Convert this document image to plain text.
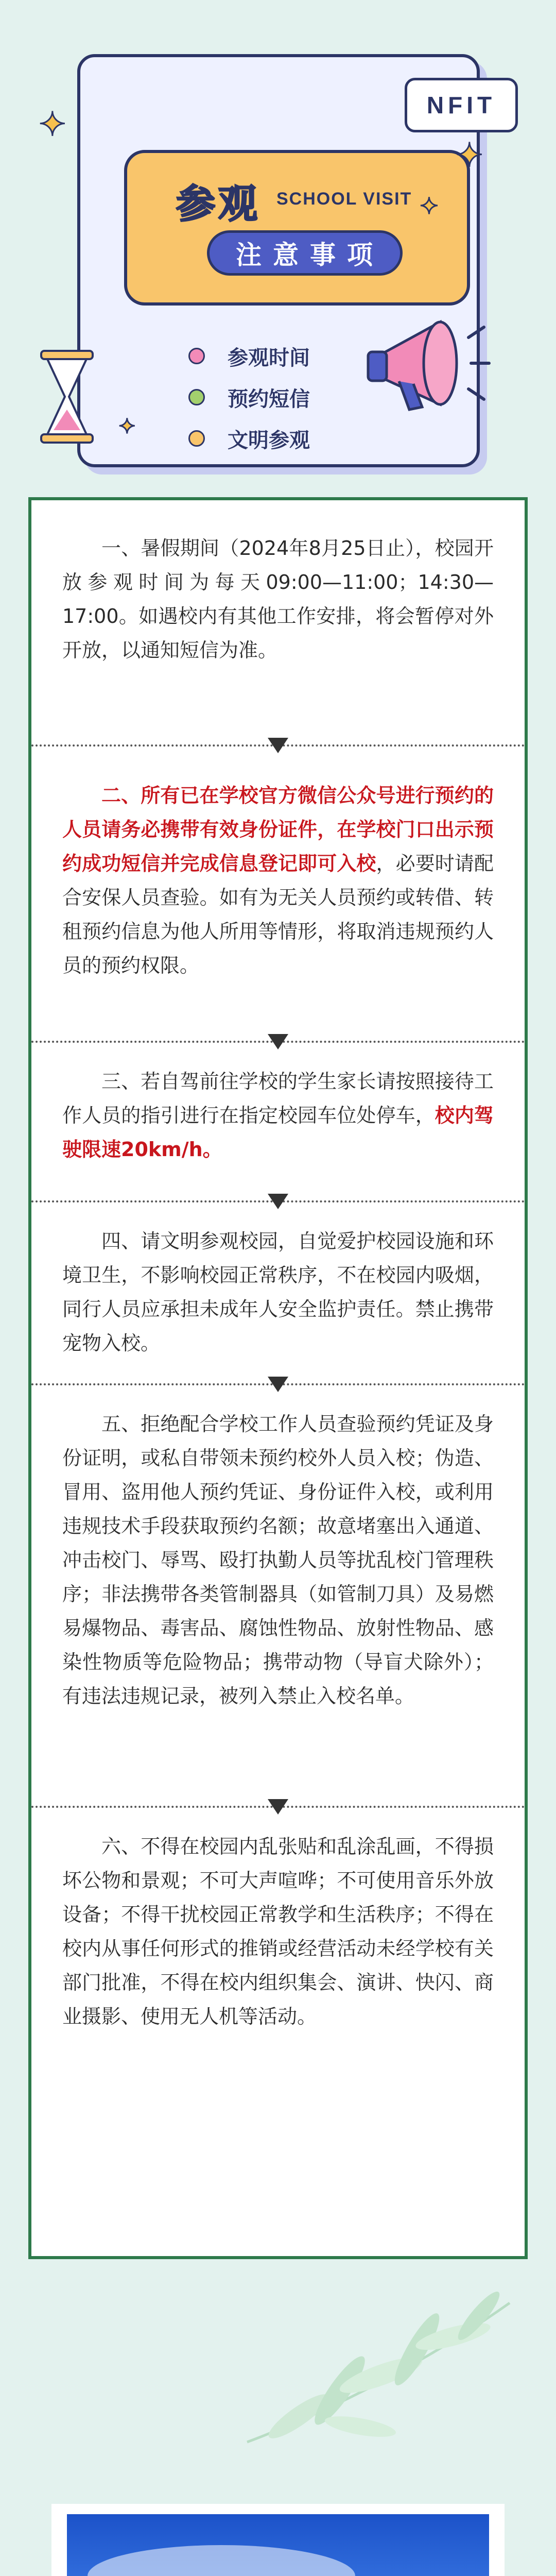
NFIT
参观 SCHOOL VISIT
注意事项
参观时间
预约短信
文明参观
✦
✦
✦
✦

一、暑假期间（2024年8月25日止），校园开放参观时间为每天09:00—11:00；14:30—17:00。如遇校内有其他工作安排，将会暂停对外开放，以通知短信为准。

二、所有已在学校官方微信公众号进行预约的人员请务必携带有效身份证件，在学校门口出示预约成功短信并完成信息登记即可入校，必要时请配合安保人员查验。如有为无关人员预约或转借、转租预约信息为他人所用等情形，将取消违规预约人员的预约权限。

三、若自驾前往学校的学生家长请按照接待工作人员的指引进行在指定校园车位处停车，校内驾驶限速20km/h。

四、请文明参观校园，自觉爱护校园设施和环境卫生，不影响校园正常秩序，不在校园内吸烟，同行人员应承担未成年人安全监护责任。禁止携带宠物入校。

五、拒绝配合学校工作人员查验预约凭证及身份证明，或私自带领未预约校外人员入校；伪造、冒用、盗用他人预约凭证、身份证件入校，或利用违规技术手段获取预约名额；故意堵塞出入通道、冲击校门、辱骂、殴打执勤人员等扰乱校门管理秩序；非法携带各类管制器具（如管制刀具）及易燃易爆物品、毒害品、腐蚀性物品、放射性物品、感染性物质等危险物品；携带动物（导盲犬除外）；有违法违规记录，被列入禁止入校名单。

六、不得在校园内乱张贴和乱涂乱画，不得损坏公物和景观；不可大声喧哗；不可使用音乐外放设备；不得干扰校园正常教学和生活秩序；不得在校内从事任何形式的推销或经营活动未经学校有关部门批准，不得在校内组织集会、演讲、快闪、商业摄影、使用无人机等活动。
